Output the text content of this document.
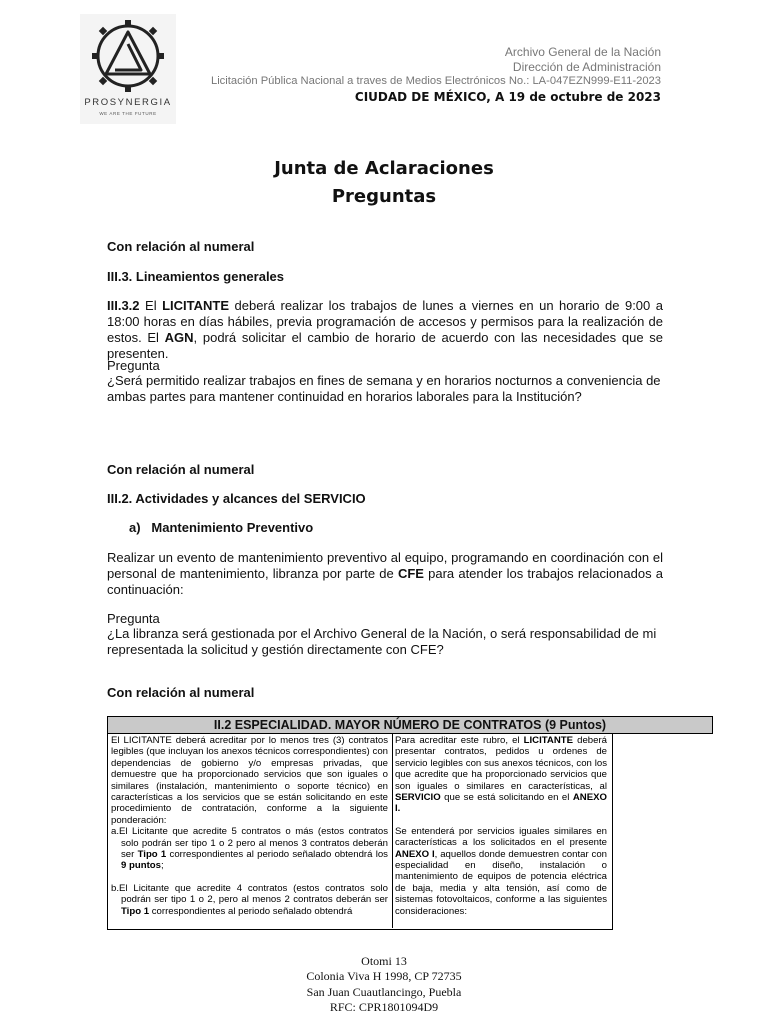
PROSYNERGIA
WE ARE THE FUTURE
Archivo General de la Nación
Dirección de Administración
Licitación Pública Nacional a traves de Medios Electrónicos No.: LA-047EZN999-E11-2023
CIUDAD DE MÉXICO, A 19 de octubre de 2023
Junta de Aclaraciones
Preguntas
Con relación al numeral
III.3. Lineamientos generales
III.3.2 El LICITANTE deberá realizar los trabajos de lunes a viernes en un horario de 9:00 a 18:00 horas en días hábiles, previa programación de accesos y permisos para la realización de estos. El AGN, podrá solicitar el cambio de horario de acuerdo con las necesidades que se presenten.
Pregunta
¿Será permitido realizar trabajos en fines de semana y en horarios nocturnos a conveniencia de ambas partes para mantener continuidad en horarios laborales para la Institución?
Con relación al numeral
III.2. Actividades y alcances del SERVICIO
a)   Mantenimiento Preventivo
Realizar un evento de mantenimiento preventivo al equipo, programando en coordinación con el personal de mantenimiento, libranza por parte de CFE para atender los trabajos relacionados a continuación:
Pregunta
¿La libranza será gestionada por el Archivo General de la Nación, o será responsabilidad de mi representada la solicitud y gestión directamente con CFE?
Con relación al numeral
II.2 ESPECIALIDAD. MAYOR NÚMERO DE CONTRATOS (9 Puntos)

El LICITANTE deberá acreditar por lo menos tres (3) contratos legibles (que incluyan los anexos técnicos correspondientes) con dependencias de gobierno y/o empresas privadas, que demuestre que ha proporcionado servicios que son iguales o similares (instalación, mantenimiento o soporte técnico) en características a los servicios que se están solicitando en este procedimiento de contratación, conforme a la siguiente ponderación:

a.El Licitante que acredite 5 contratos o más (estos contratos solo podrán ser tipo 1 o 2 pero al menos 3 contratos deberán ser Tipo 1 correspondientes al periodo señalado obtendrá los 9 puntos;

b.El Licitante que acredite 4 contratos (estos contratos solo podrán ser tipo 1 o 2, pero al menos 2 contratos deberán ser Tipo 1 correspondientes al periodo señalado obtendrá

Para acreditar este rubro, el LICITANTE deberá presentar contratos, pedidos u ordenes de servicio legibles con sus anexos técnicos, con los que acredite que ha proporcionado servicios que son iguales o similares en características, al SERVICIO que se está solicitando en el ANEXO I.

Se entenderá por servicios iguales similares en características a los solicitados en el presente ANEXO I, aquellos donde demuestren contar con especialidad en diseño, instalación o mantenimiento de equipos de potencia eléctrica de baja, media y alta tensión, así como de sistemas fotovoltaicos, conforme a las siguientes consideraciones:

Otomi 13
Colonia Viva H 1998, CP 72735
San Juan Cuautlancingo, Puebla
RFC: CPR1801094D9
